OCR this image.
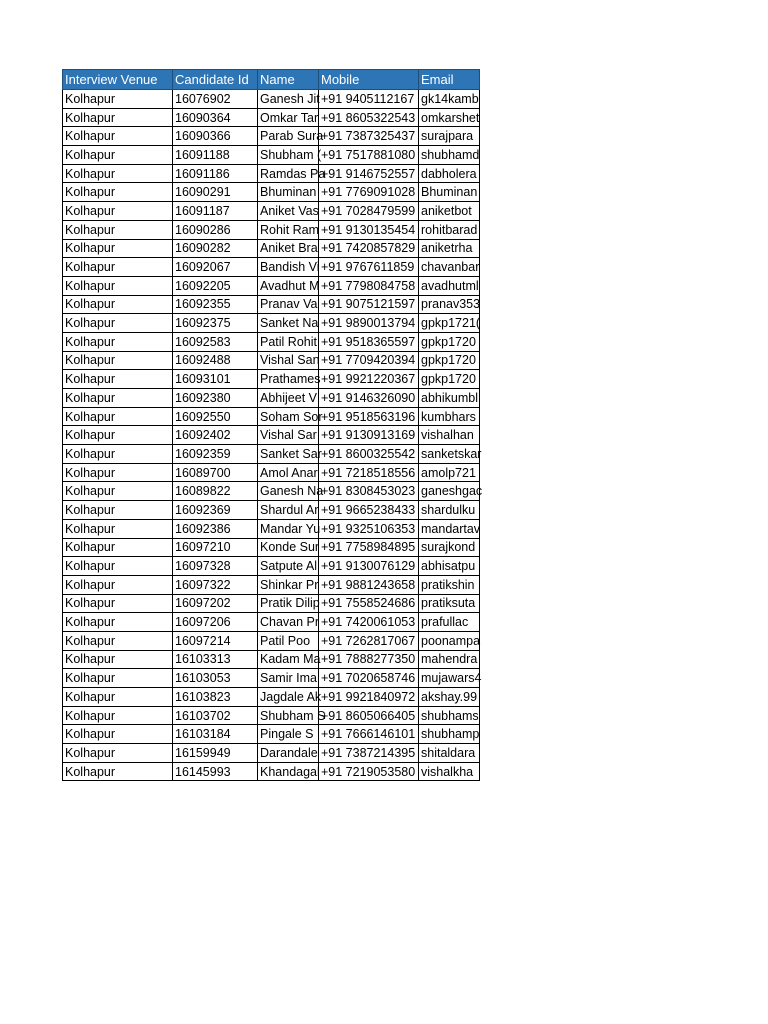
Interview Venue	Candidate Id	Name	Mobile	Email
Kolhapur	16076902	Ganesh Jit	+91 9405112167	gk14kamb
Kolhapur	16090364	Omkar Tar	+91 8605322543	omkarshet
Kolhapur	16090366	Parab Sura	+91 7387325437	surajpara
Kolhapur	16091188	Shubham (	+91 7517881080	shubhamd
Kolhapur	16091186	Ramdas Pa	+91 9146752557	dabholera
Kolhapur	16090291	Bhuminan	+91 7769091028	Bhuminan
Kolhapur	16091187	Aniket Vas	+91 7028479599	aniketbot
Kolhapur	16090286	Rohit Ram	+91 9130135454	rohitbarad
Kolhapur	16090282	Aniket Bra	+91 7420857829	aniketrha
Kolhapur	16092067	Bandish Vi	+91 9767611859	chavanbar
Kolhapur	16092205	Avadhut M	+91 7798084758	avadhutml
Kolhapur	16092355	Pranav Va	+91 9075121597	pranav353
Kolhapur	16092375	Sanket Na	+91 9890013794	gpkp1721(
Kolhapur	16092583	Patil Rohit	+91 9518365597	gpkp1720
Kolhapur	16092488	Vishal San	+91 7709420394	gpkp1720
Kolhapur	16093101	Prathames	+91 9921220367	gpkp1720
Kolhapur	16092380	Abhijeet V	+91 9146326090	abhikumbl
Kolhapur	16092550	Soham Sor	+91 9518563196	kumbhars
Kolhapur	16092402	Vishal Sar	+91 9130913169	vishalhan
Kolhapur	16092359	Sanket Sar	+91 8600325542	sanketskar
Kolhapur	16089700	Amol Anar	+91 7218518556	amolp721
Kolhapur	16089822	Ganesh Na	+91 8308453023	ganeshgac
Kolhapur	16092369	Shardul Ar	+91 9665238433	shardulku
Kolhapur	16092386	Mandar Yu	+91 9325106353	mandartav
Kolhapur	16097210	Konde Sur	+91 7758984895	surajkond
Kolhapur	16097328	Satpute Al	+91 9130076129	abhisatpu
Kolhapur	16097322	Shinkar Pr	+91 9881243658	pratikshin
Kolhapur	16097202	Pratik Dilip	+91 7558524686	pratiksuta
Kolhapur	16097206	Chavan Pr	+91 7420061053	prafullac
Kolhapur	16097214	Patil Poo	+91 7262817067	poonampa
Kolhapur	16103313	Kadam Ma	+91 7888277350	mahendra
Kolhapur	16103053	Samir Ima	+91 7020658746	mujawars4
Kolhapur	16103823	Jagdale Ak	+91 9921840972	akshay.99
Kolhapur	16103702	Shubham S	+91 8605066405	shubhams
Kolhapur	16103184	Pingale S	+91 7666146101	shubhamp
Kolhapur	16159949	Darandale	+91 7387214395	shitaldara
Kolhapur	16145993	Khandagal	+91 7219053580	vishalkha
